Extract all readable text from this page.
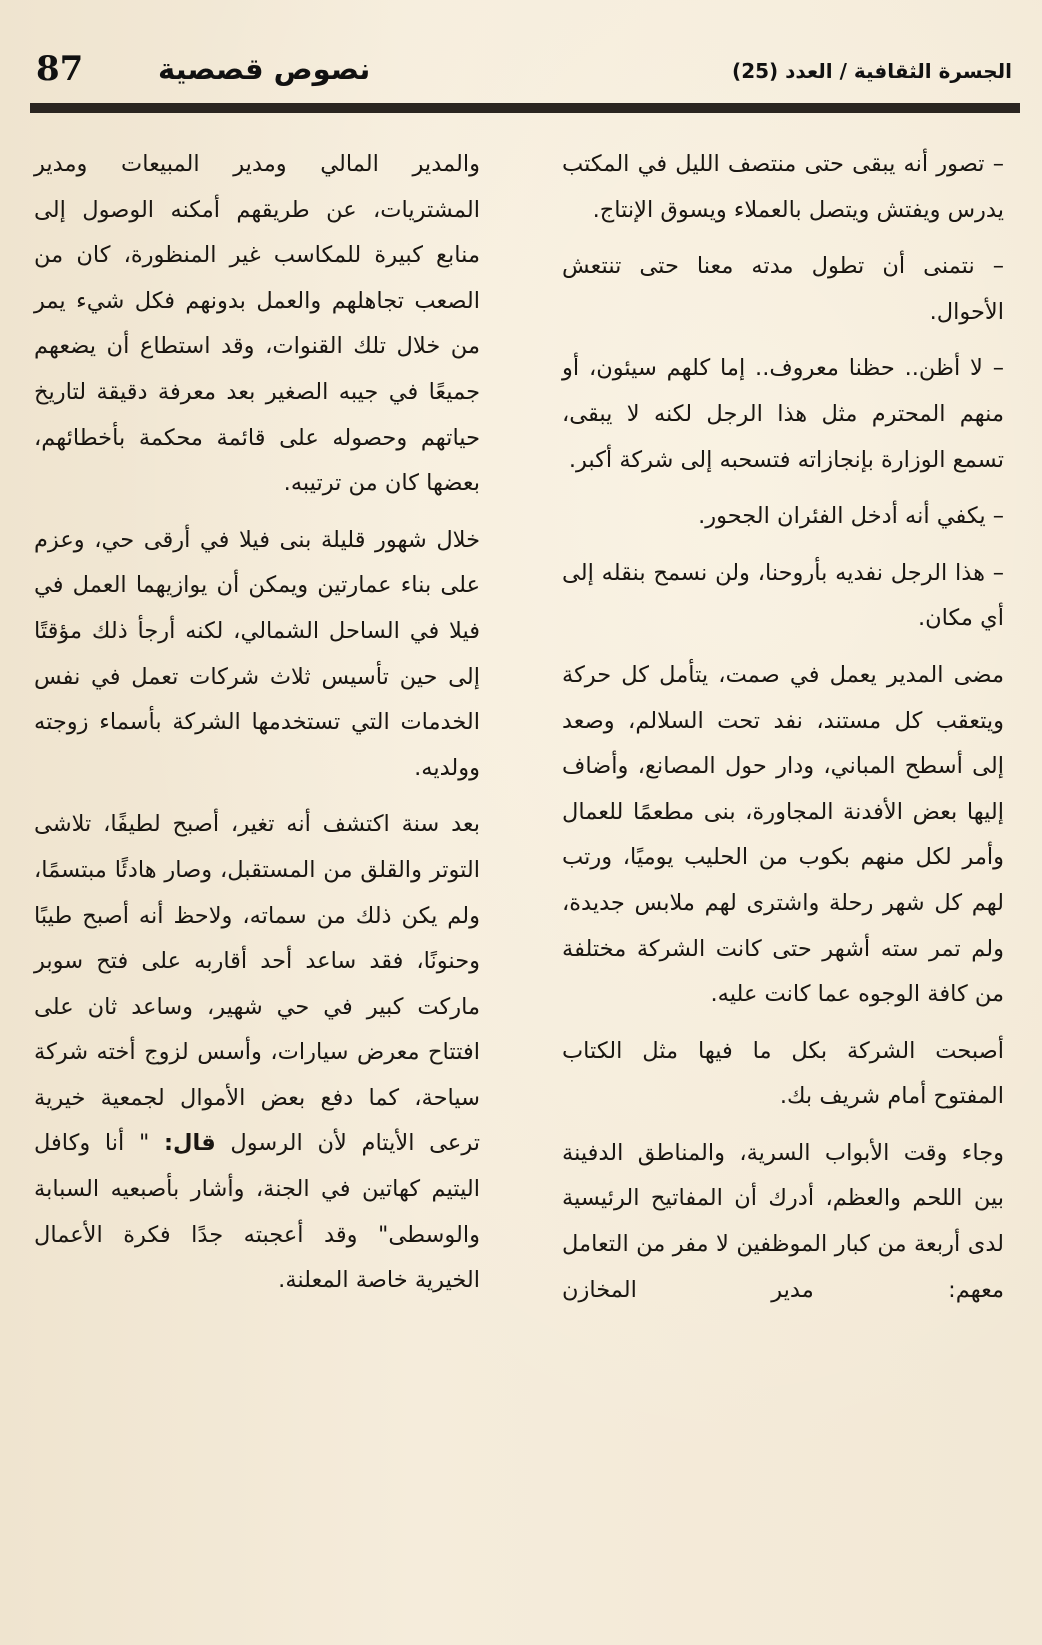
87	نصوص قصصية	الجسرة الثقافية / العدد (25)

– تصور أنه يبقى حتى منتصف الليل في المكتب يدرس ويفتش ويتصل بالعملاء ويسوق الإنتاج.

– نتمنى أن تطول مدته معنا حتى تنتعش الأحوال.

– لا أظن.. حظنا معروف.. إما كلهم سيئون، أو منهم المحترم مثل هذا الرجل لكنه لا يبقى، تسمع الوزارة بإنجازاته فتسحبه إلى شركة أكبر.

– يكفي أنه أدخل الفئران الجحور.

– هذا الرجل نفديه بأروحنا، ولن نسمح بنقله إلى أي مكان.

مضى المدير يعمل في صمت، يتأمل كل حركة ويتعقب كل مستند، نفد تحت السلالم، وصعد إلى أسطح المباني، ودار حول المصانع، وأضاف إليها بعض الأفدنة المجاورة، بنى مطعمًا للعمال وأمر لكل منهم بكوب من الحليب يوميًا، ورتب لهم كل شهر رحلة واشترى لهم ملابس جديدة، ولم تمر سته أشهر حتى كانت الشركة مختلفة من كافة الوجوه عما كانت عليه.

أصبحت الشركة بكل ما فيها مثل الكتاب المفتوح أمام شريف بك.

وجاء وقت الأبواب السرية، والمناطق الدفينة بين اللحم والعظم، أدرك أن المفاتيح الرئيسية لدى أربعة من كبار الموظفين لا مفر من التعامل معهم: مدير المخازن

والمدير المالي ومدير المبيعات ومدير المشتريات، عن طريقهم أمكنه الوصول إلى منابع كبيرة للمكاسب غير المنظورة، كان من الصعب تجاهلهم والعمل بدونهم فكل شيء يمر من خلال تلك القنوات، وقد استطاع أن يضعهم جميعًا في جيبه الصغير بعد معرفة دقيقة لتاريخ حياتهم وحصوله على قائمة محكمة بأخطائهم، بعضها كان من ترتيبه.

خلال شهور قليلة بنى فيلا في أرقى حي، وعزم على بناء عمارتين ويمكن أن يوازيهما العمل في فيلا في الساحل الشمالي، لكنه أرجأ ذلك مؤقتًا إلى حين تأسيس ثلاث شركات تعمل في نفس الخدمات التي تستخدمها الشركة بأسماء زوجته وولديه.

بعد سنة اكتشف أنه تغير، أصبح لطيفًا، تلاشى التوتر والقلق من المستقبل، وصار هادئًا مبتسمًا، ولم يكن ذلك من سماته، ولاحظ أنه أصبح طيبًا وحنونًا، فقد ساعد أحد أقاربه على فتح سوبر ماركت كبير في حي شهير، وساعد ثان على افتتاح معرض سيارات، وأسس لزوج أخته شركة سياحة، كما دفع بعض الأموال لجمعية خيرية ترعى الأيتام لأن الرسول قال: " أنا وكافل اليتيم كهاتين في الجنة، وأشار بأصبعيه السبابة والوسطى" وقد أعجبته جدًا فكرة الأعمال الخيرية خاصة المعلنة.
